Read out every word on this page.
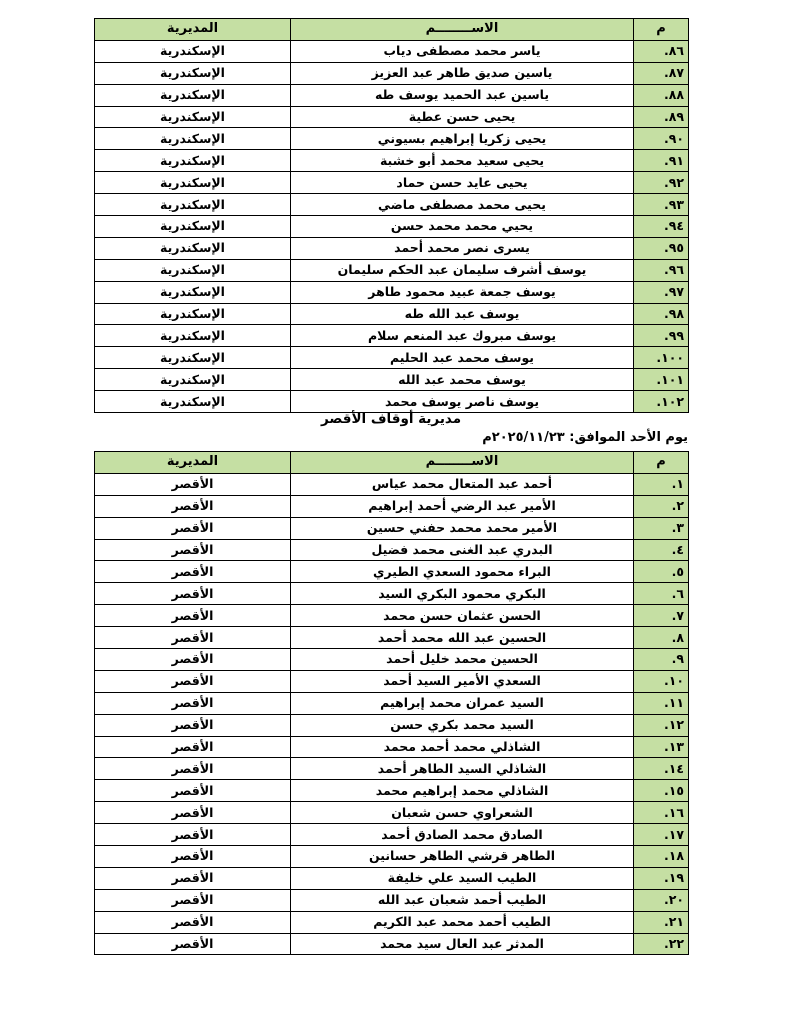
م	الاســــــــم	المديرية
٨٦.	ياسر محمد مصطفى دياب	الإسكندرية
٨٧.	ياسين صديق طاهر عبد العزيز	الإسكندرية
٨٨.	ياسين عبد الحميد يوسف طه	الإسكندرية
٨٩.	يحيى حسن عطية	الإسكندرية
٩٠.	يحيى زكريا إبراهيم بسيوني	الإسكندرية
٩١.	يحيى سعيد محمد أبو خشبة	الإسكندرية
٩٢.	يحيى عايد حسن حماد	الإسكندرية
٩٣.	يحيى محمد مصطفى ماضي	الإسكندرية
٩٤.	يحيي محمد محمد حسن	الإسكندرية
٩٥.	يسرى نصر محمد أحمد	الإسكندرية
٩٦.	يوسف أشرف سليمان عبد الحكم سليمان	الإسكندرية
٩٧.	يوسف جمعة عبيد محمود طاهر	الإسكندرية
٩٨.	يوسف عبد الله طه	الإسكندرية
٩٩.	يوسف مبروك عبد المنعم سلام	الإسكندرية
١٠٠.	يوسف محمد عبد الحليم	الإسكندرية
١٠١.	يوسف محمد عبد الله	الإسكندرية
١٠٢.	يوسف ناصر يوسف محمد	الإسكندرية
مديرية أوقاف الأقصر
يوم الأحد الموافق: ٢٠٢٥/١١/٢٣م
م	الاســــــــم	المديرية
١.	أحمد عبد المتعال محمد عياس	الأقصر
٢.	الأمير عبد الرضي أحمد إبراهيم	الأقصر
٣.	الأمير محمد محمد حفني حسين	الأقصر
٤.	البدري عبد الغنى محمد فضيل	الأقصر
٥.	البراء محمود السعدي الطيري	الأقصر
٦.	البكري محمود البكري السيد	الأقصر
٧.	الحسن عثمان حسن محمد	الأقصر
٨.	الحسين عبد الله محمد أحمد	الأقصر
٩.	الحسين محمد خليل أحمد	الأقصر
١٠.	السعدي الأمير السيد أحمد	الأقصر
١١.	السيد عمران محمد إبراهيم	الأقصر
١٢.	السيد محمد بكري حسن	الأقصر
١٣.	الشاذلي محمد أحمد محمد	الأقصر
١٤.	الشاذلي السيد الطاهر أحمد	الأقصر
١٥.	الشاذلي محمد إبراهيم محمد	الأقصر
١٦.	الشعراوي حسن شعبان	الأقصر
١٧.	الصادق محمد الصادق أحمد	الأقصر
١٨.	الطاهر قرشي الطاهر حسانين	الأقصر
١٩.	الطيب السيد علي خليفة	الأقصر
٢٠.	الطيب أحمد شعبان عبد الله	الأقصر
٢١.	الطيب أحمد محمد عبد الكريم	الأقصر
٢٢.	المدثر عبد العال سيد محمد	الأقصر
